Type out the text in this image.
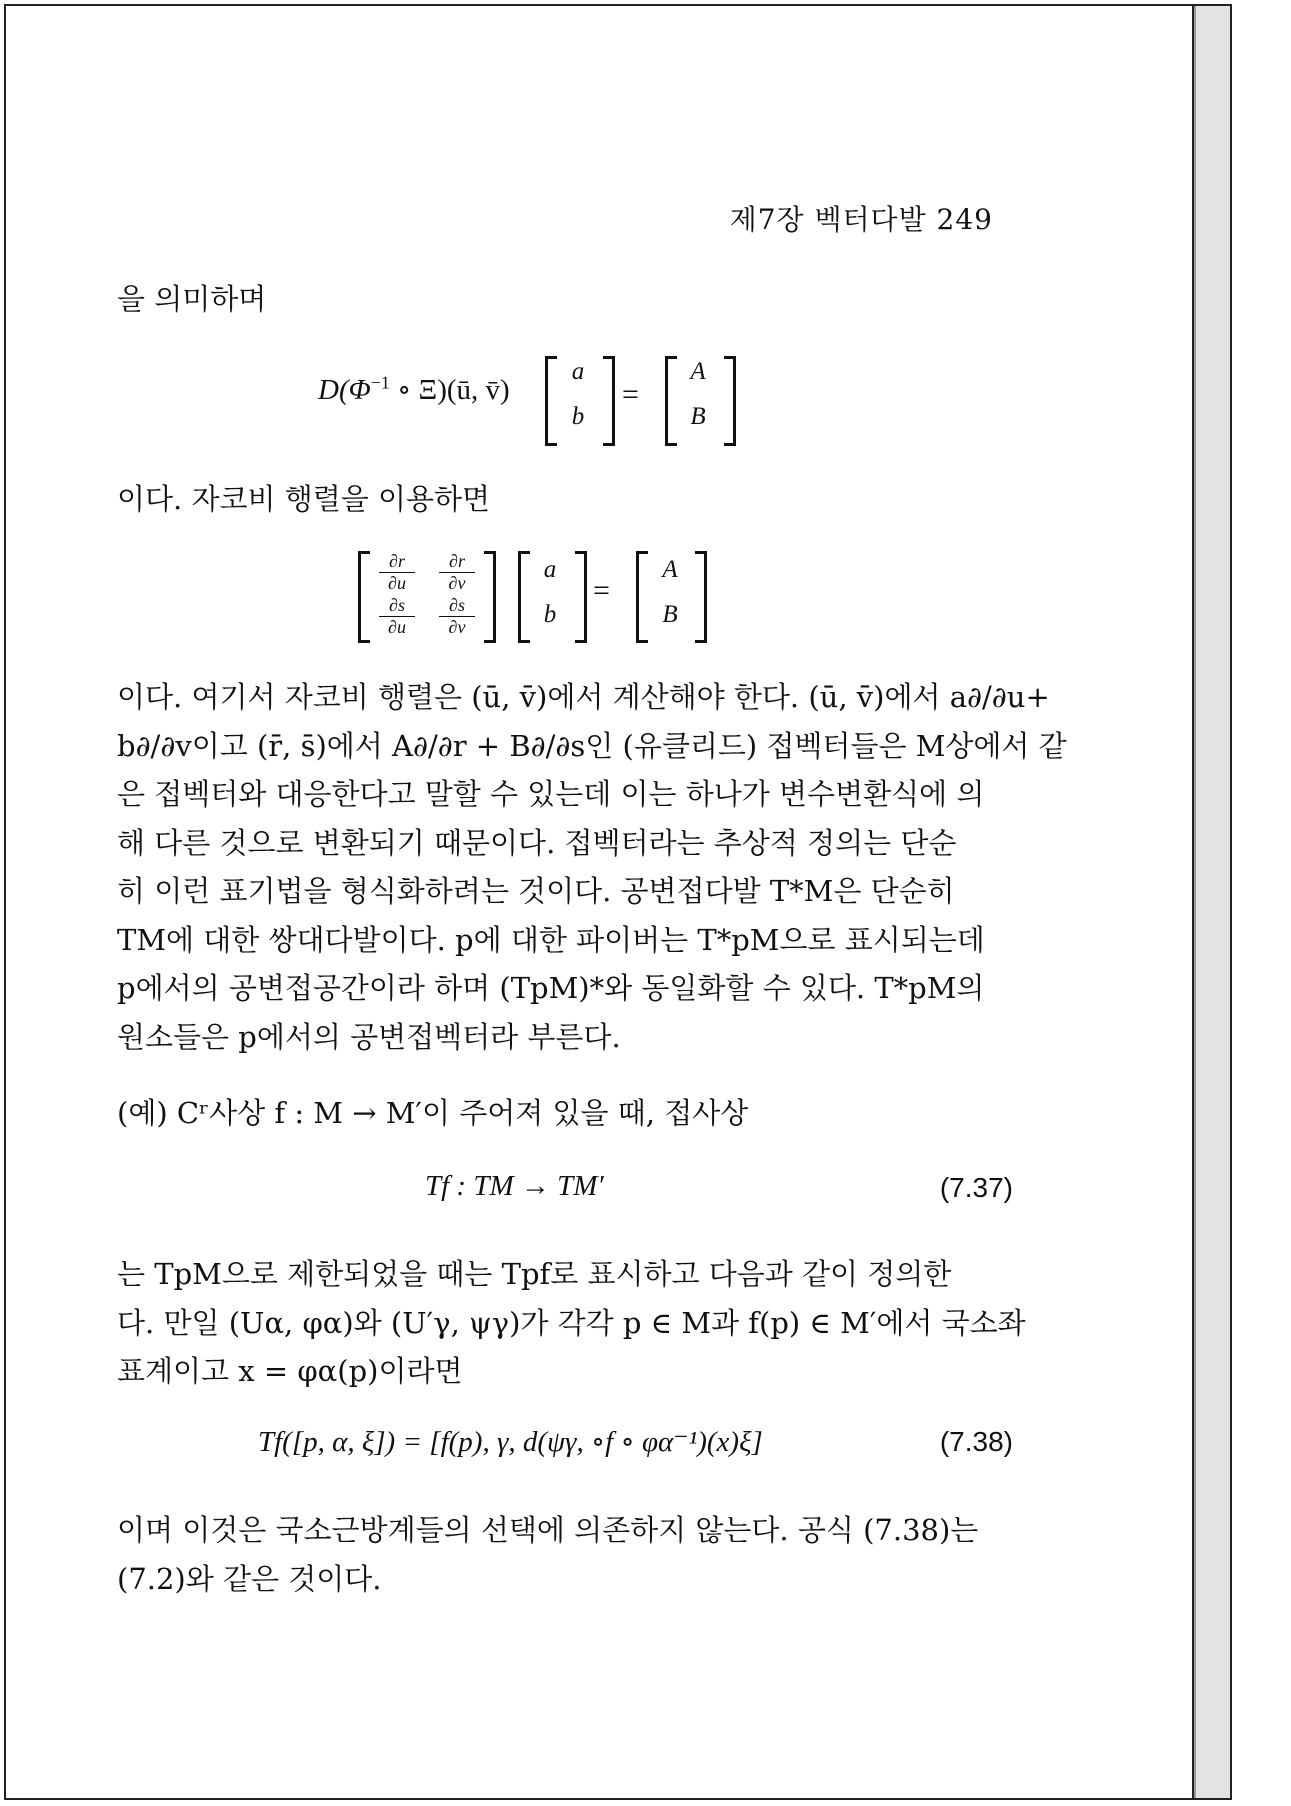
제7장 벡터다발 249
을 의미하며
$D(\Phi^{-1}$ ∘ Ξ)(ū, v̄)
a
b
=
A
B
이다. 자코비 행렬을 이용하면
∂r
∂u
∂r
∂v
∂s
∂u
∂s
∂v
a
b
=
A
B
이다. 여기서 자코비 행렬은 (ū, v̄)에서 계산해야 한다. (ū, v̄)에서 a∂/∂u+
b∂/∂v이고 (r̄, s̄)에서 A∂/∂r + B∂/∂s인 (유클리드) 접벡터들은 M상에서 같
은 접벡터와 대응한다고 말할 수 있는데 이는 하나가 변수변환식에 의
해 다른 것으로 변환되기 때문이다. 접벡터라는 추상적 정의는 단순
히 이런 표기법을 형식화하려는 것이다. 공변접다발 T*M은 단순히
TM에 대한 쌍대다발이다. p에 대한 파이버는 T*pM으로 표시되는데
p에서의 공변접공간이라 하며 (TpM)*와 동일화할 수 있다. T*pM의
원소들은 p에서의 공변접벡터라 부른다.
(예) Cʳ사상 f : M → M′이 주어져 있을 때, 접사상
Tf : TM → TM′	(7.37)
는 TpM으로 제한되었을 때는 Tpf로 표시하고 다음과 같이 정의한
다. 만일 (Uα, φα)와 (U′γ, ψγ)가 각각 p ∈ M과 f(p) ∈ M′에서 국소좌
표계이고 x = φα(p)이라면
Tf([p, α, ξ]) = [f(p), γ, d(ψγ, ∘f ∘ φα⁻¹)(x)ξ]	(7.38)
이며 이것은 국소근방계들의 선택에 의존하지 않는다. 공식 (7.38)는
(7.2)와 같은 것이다.
